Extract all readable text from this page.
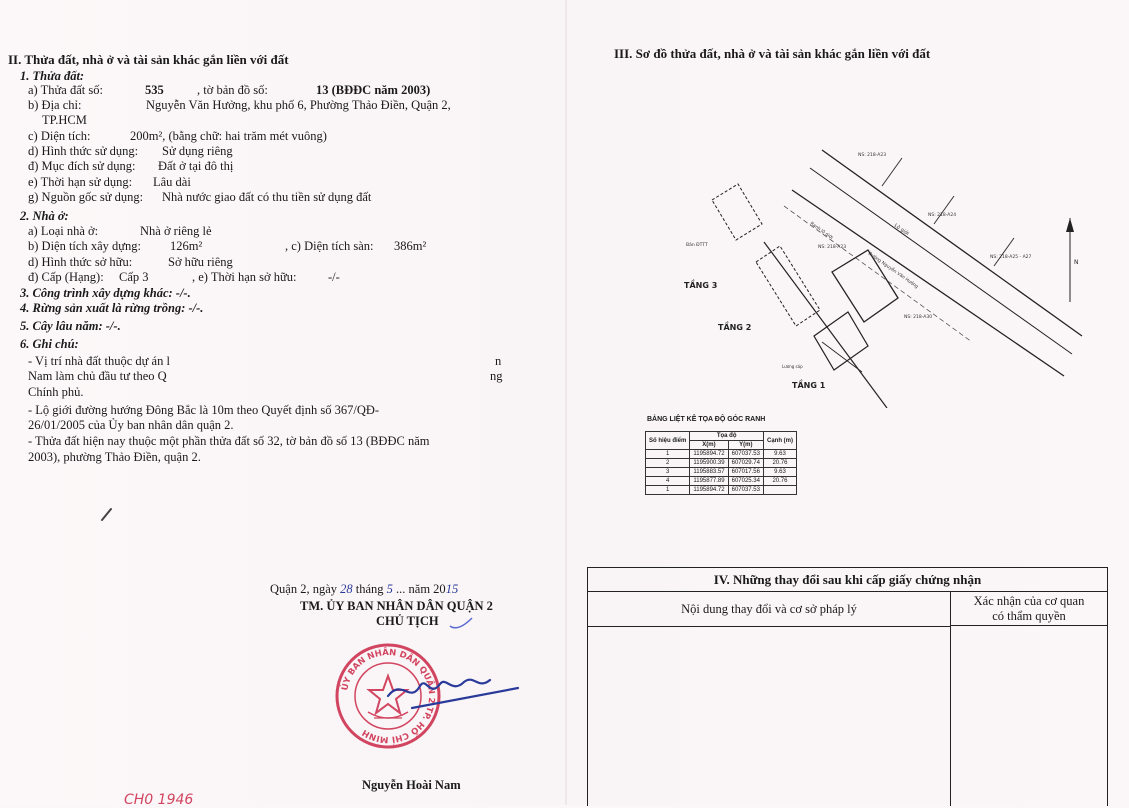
II. Thửa đất, nhà ở và tài sản khác gắn liền với đất
1. Thửa đất:
a) Thửa đất số:	535	, tờ bản đồ số:	13 (BĐĐC năm 2003)
b) Địa chỉ:	Nguyễn Văn Hưởng, khu phố 6, Phường Thảo Điền, Quận 2,
TP.HCM
c) Diện tích:	200m², (bằng chữ: hai trăm mét vuông)
d) Hình thức sử dụng: Sử dụng riêng
đ) Mục đích sử dụng: Đất ở tại đô thị
e) Thời hạn sử dụng: Lâu dài
g) Nguồn gốc sử dụng: Nhà nước giao đất có thu tiền sử dụng đất
2. Nhà ở:
a) Loại nhà ở:	Nhà ở riêng lẻ
b) Diện tích xây dựng: 126m²	, c) Diện tích sàn: 386m²
d) Hình thức sở hữu:	Sở hữu riêng
đ) Cấp (Hạng): Cấp 3	, e) Thời hạn sở hữu:	-/-
3. Công trình xây dựng khác: -/-.
4. Rừng sản xuất là rừng trồng: -/-.
5. Cây lâu năm: -/-.
6. Ghi chú:
- Vị trí nhà đất thuộc dự án l	n
Nam làm chủ đầu tư theo Q	ng
Chính phủ.
- Lộ giới đường hướng Đông Bắc là 10m theo Quyết định số 367/QĐ-
26/01/2005 của Ủy ban nhân dân quận 2.
- Thửa đất hiện nay thuộc một phần thửa đất số 32, tờ bản đồ số 13 (BĐĐC năm
2003), phường Thảo Điền, quận 2.
Quận 2, ngày 28 tháng 5 ... năm 2015
TM. ỦY BAN NHÂN DÂN QUẬN 2
CHỦ TỊCH
ỦY BAN NHÂN DÂN QUẬN 2 TP. HỒ CHÍ MINH
Nguyễn Hoài Nam
CH0 1946
III. Sơ đồ thửa đất, nhà ở và tài sản khác gắn liền với đất
Bản ĐTTT
TẦNG 3
TẦNG 2
TẦNG 1
NS: 218-A23
NS: 218-A24
NS: 218-A25 - A27
NS: 218-A23
Lộ giới
Đường Nguyễn Văn Hưởng
Ranh lộ giới
Lương sáp
NS: 218-A30
N
BẢNG LIỆT KÊ TỌA ĐỘ GÓC RANH
Số hiệu điểm	Tọa độ		Cạnh (m)
	X(m)	Y(m)	
1	1195894.72	607037.53	9.63
2	1195900.39	607029.74	20.76
3	1195883.57	607017.56	9.63
4	1195877.89	607025.34	20.76
1	1195894.72	607037.53	
IV. Những thay đổi sau khi cấp giấy chứng nhận
Nội dung thay đổi và cơ sở pháp lý
Xác nhận của cơ quan
có thẩm quyền
